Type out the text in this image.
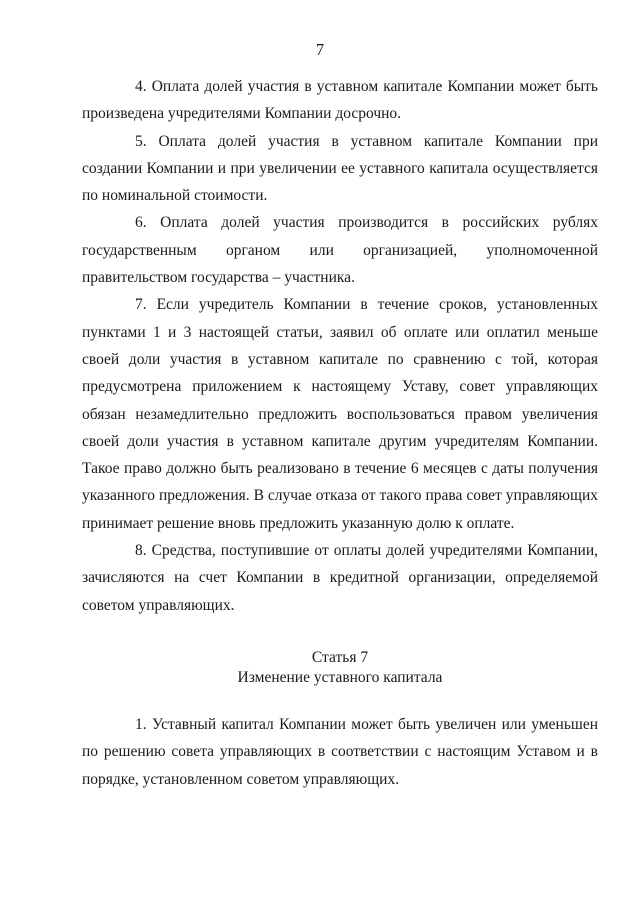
7

4. Оплата долей участия в уставном капитале Компании может быть произведена учредителями Компании досрочно.

5. Оплата долей участия в уставном капитале Компании при создании Компании и при увеличении ее уставного капитала осуществляется по номинальной стоимости.

6. Оплата долей участия производится в российских рублях государственным органом или организацией, уполномоченной правительством государства – участника.

7. Если учредитель Компании в течение сроков, установленных пунктами 1 и 3 настоящей статьи, заявил об оплате или оплатил меньше своей доли участия в уставном капитале по сравнению с той, которая предусмотрена приложением к настоящему Уставу, совет управляющих обязан незамедлительно предложить воспользоваться правом увеличения своей доли участия в уставном капитале другим учредителям Компании. Такое право должно быть реализовано в течение 6 месяцев с даты получения указанного предложения. В случае отказа от такого права совет управляющих принимает решение вновь предложить указанную долю к оплате.

8. Средства, поступившие от оплаты долей учредителями Компании, зачисляются на счет Компании в кредитной организации, определяемой советом управляющих.

Статья 7

Изменение уставного капитала

1. Уставный капитал Компании может быть увеличен или уменьшен по решению совета управляющих в соответствии с настоящим Уставом и в порядке, установленном советом управляющих.
